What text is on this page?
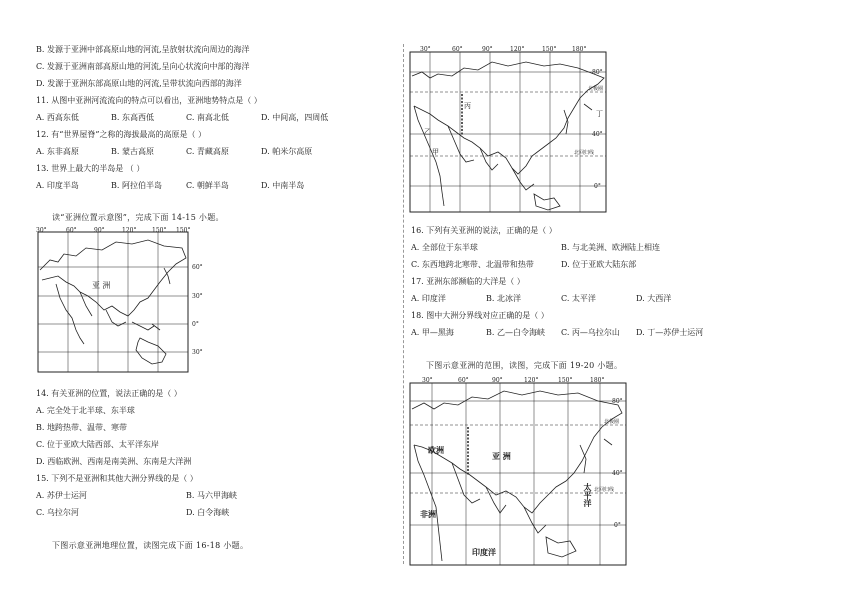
B. 发源于亚洲中部高原山地的河流,呈放射状流向周边的海洋
C. 发源于亚洲南部高原山地的河流,呈向心状流向中部的海洋
D. 发源于亚洲东部高原山地的河流,呈带状流向西部的海洋
11. 从图中亚洲河流流向的特点可以看出，亚洲地势特点是（ ）
A. 西高东低	B. 东高西低	C. 南高北低	D. 中间高，四周低
12. 有“世界屋脊”之称的海拔最高的高原是（ ）
A. 东非高原	B. 蒙古高原	C. 青藏高原	D. 帕米尔高原
13. 世界上最大的半岛是 （ ）
A. 印度半岛	B. 阿拉伯半岛	C. 朝鲜半岛	D. 中南半岛
读“亚洲位置示意图”，完成下面 14-15 小题。
亚 洲
30°	60°	90°	120°	150° 150°
60°
30°
0°
30°
14. 有关亚洲的位置，说法正确的是（ ）
A. 完全处于北半球、东半球
B. 地跨热带、温带、寒带
C. 位于亚欧大陆西部、太平洋东岸
D. 西临欧洲、西南是南美洲、东南是大洋洲
15. 下列不是亚洲和其他大洲分界线的是（ ）
A. 苏伊士运河	B. 马六甲海峡
C. 乌拉尔河	D. 白令海峡
下图示意亚洲地理位置，读图完成下面 16-18 小题。
丙
乙
甲
丁
北极圈
北回归线
30°	60°	90°	120°	150°	180°
80°
40°
0°
16. 下列有关亚洲的说法，正确的是（ ）
A. 全部位于东半球	B. 与北美洲、欧洲陆上相连
C. 东西地跨北寒带、北温带和热带	D. 位于亚欧大陆东部
17. 亚洲东部濒临的大洋是（ ）
A. 印度洋	B. 北冰洋	C. 太平洋	D. 大西洋
18. 图中大洲分界线对应正确的是（ ）
A. 甲—黑海	B. 乙—白令海峡 C. 丙—乌拉尔山 D. 丁—苏伊士运河
下图示意亚洲的范围，读图，完成下面 19-20 小题。
欧洲
亚 洲
非洲
印度洋
太平洋
北极圈
北回归线
30°	60°	90°	120°	150°	180°
80°
40°
0°
